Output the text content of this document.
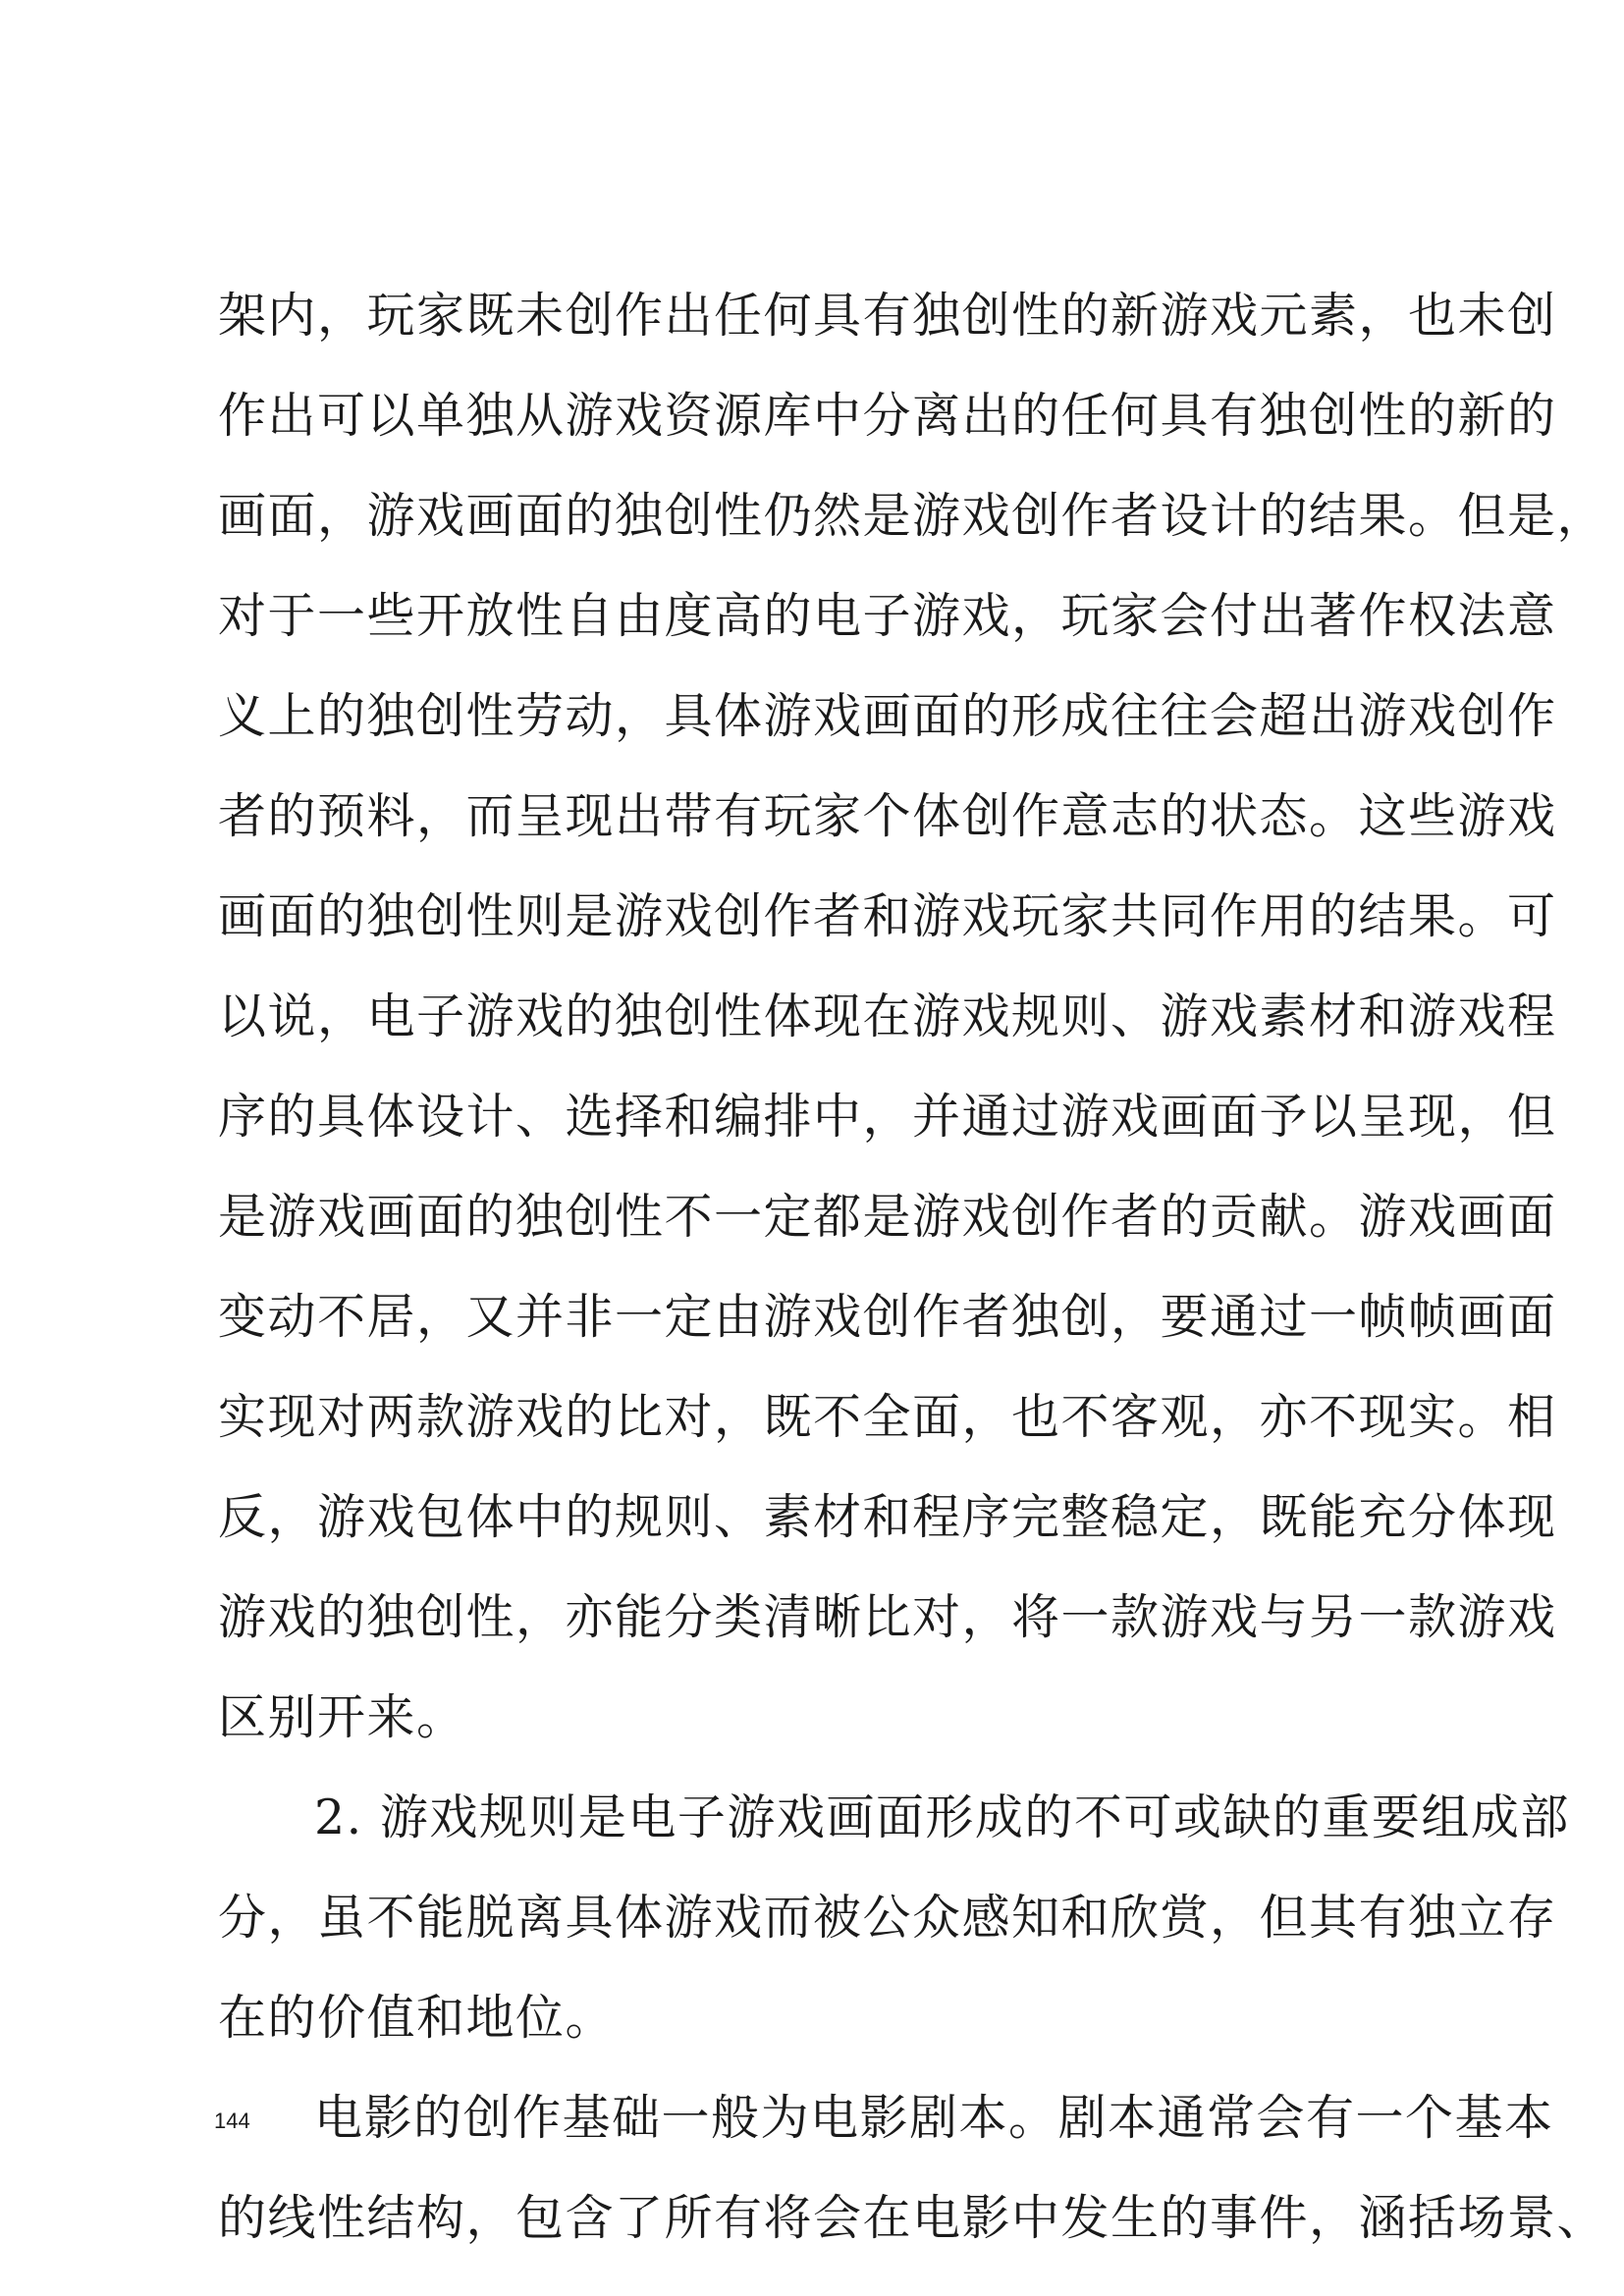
架内，玩家既未创作出任何具有独创性的新游戏元素，也未创
作出可以单独从游戏资源库中分离出的任何具有独创性的新的
画面，游戏画面的独创性仍然是游戏创作者设计的结果。但是，
对于一些开放性自由度高的电子游戏，玩家会付出著作权法意
义上的独创性劳动，具体游戏画面的形成往往会超出游戏创作
者的预料，而呈现出带有玩家个体创作意志的状态。这些游戏
画面的独创性则是游戏创作者和游戏玩家共同作用的结果。可
以说，电子游戏的独创性体现在游戏规则、游戏素材和游戏程
序的具体设计、选择和编排中，并通过游戏画面予以呈现，但
是游戏画面的独创性不一定都是游戏创作者的贡献。游戏画面
变动不居，又并非一定由游戏创作者独创，要通过一帧帧画面
实现对两款游戏的比对，既不全面，也不客观，亦不现实。相
反，游戏包体中的规则、素材和程序完整稳定，既能充分体现
游戏的独创性，亦能分类清晰比对，将一款游戏与另一款游戏
区别开来。
2. 游戏规则是电子游戏画面形成的不可或缺的重要组成部
分，虽不能脱离具体游戏而被公众感知和欣赏，但其有独立存
在的价值和地位。
电影的创作基础一般为电影剧本。剧本通常会有一个基本
的线性结构，包含了所有将会在电影中发生的事件，涵括场景、
144
